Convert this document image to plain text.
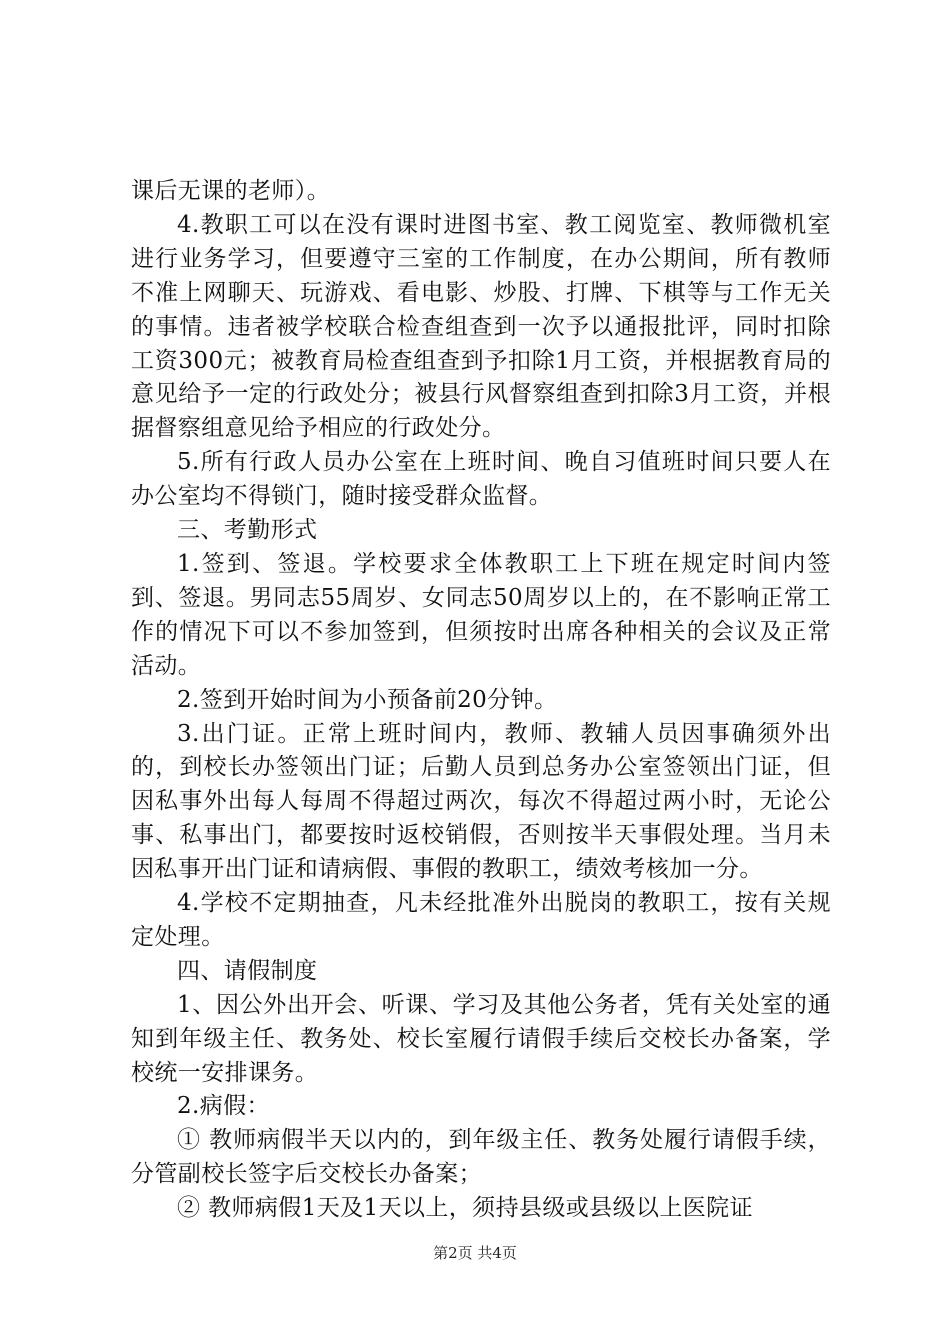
课后无课的老师）。

4.教职工可以在没有课时进图书室、教工阅览室、教师微机室进行业务学习，但要遵守三室的工作制度，在办公期间，所有教师不准上网聊天、玩游戏、看电影、炒股、打牌、下棋等与工作无关的事情。违者被学校联合检查组查到一次予以通报批评，同时扣除工资300元；被教育局检查组查到予扣除1月工资，并根据教育局的意见给予一定的行政处分；被县行风督察组查到扣除3月工资，并根据督察组意见给予相应的行政处分。

5.所有行政人员办公室在上班时间、晚自习值班时间只要人在办公室均不得锁门，随时接受群众监督。

三、考勤形式

1.签到、签退。学校要求全体教职工上下班在规定时间内签到、签退。男同志55周岁、女同志50周岁以上的，在不影响正常工作的情况下可以不参加签到，但须按时出席各种相关的会议及正常活动。

2.签到开始时间为小预备前20分钟。

3.出门证。正常上班时间内，教师、教辅人员因事确须外出的，到校长办签领出门证；后勤人员到总务办公室签领出门证，但因私事外出每人每周不得超过两次，每次不得超过两小时，无论公事、私事出门，都要按时返校销假，否则按半天事假处理。当月未因私事开出门证和请病假、事假的教职工，绩效考核加一分。

4.学校不定期抽查，凡未经批准外出脱岗的教职工，按有关规定处理。

四、请假制度

1、因公外出开会、听课、学习及其他公务者，凭有关处室的通知到年级主任、教务处、校长室履行请假手续后交校长办备案，学校统一安排课务。

2.病假：

① 教师病假半天以内的，到年级主任、教务处履行请假手续，分管副校长签字后交校长办备案；

② 教师病假1天及1天以上，须持县级或县级以上医院证

第2页 共4页
